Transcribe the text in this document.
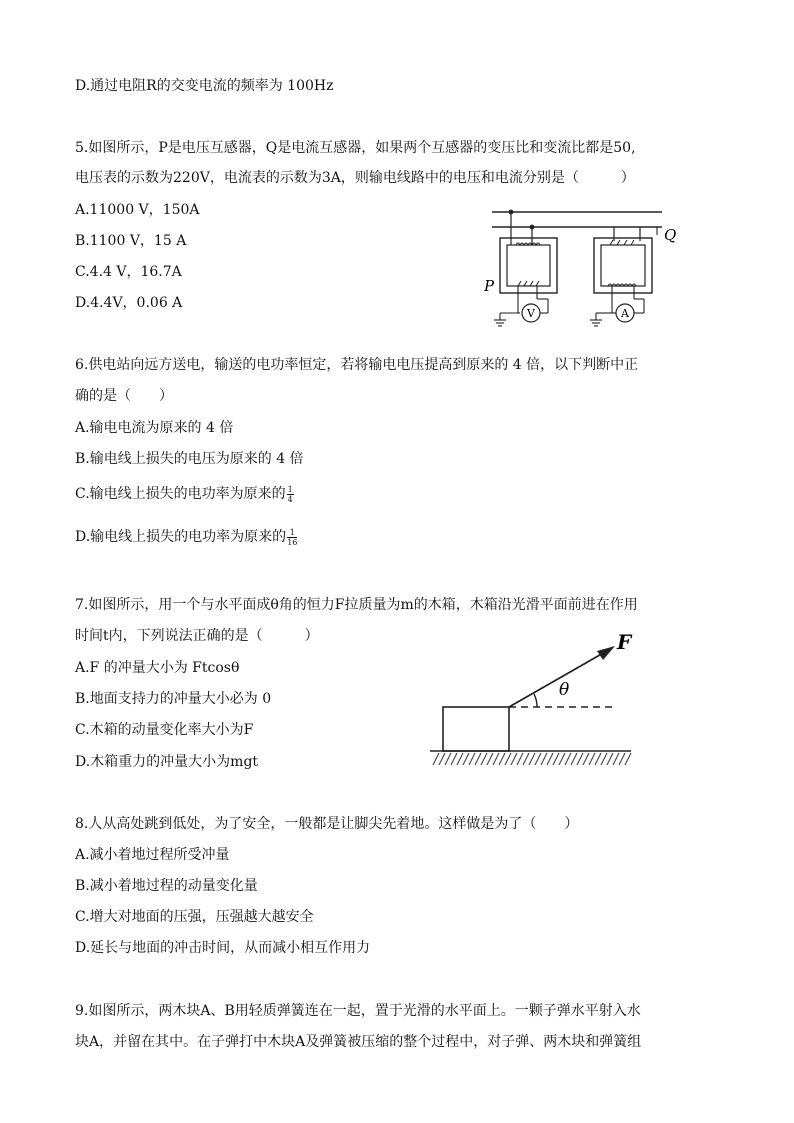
D.通过电阻R的交变电流的频率为 100Hz
5.如图所示，P是电压互感器，Q是电流互感器，如果两个互感器的变压比和变流比都是50,
电压表的示数为220V，电流表的示数为3A，则输电线路中的电压和电流分别是（　　　）
A.11000 V，150A
B.1100 V，15 A
C.4.4 V，16.7A
D.4.4V，0.06 A
V
P
Q
A
6.供电站向远方送电，输送的电功率恒定，若将输电电压提高到原来的 4 倍，以下判断中正
确的是（　　）
A.输电电流为原来的 4 倍
B.输电线上损失的电压为原来的 4 倍
C.输电线上损失的电功率为原来的 $\frac{1}{4}$
D.输电线上损失的电功率为原来的 $\frac{1}{16}$
7.如图所示，用一个与水平面成θ角的恒力F拉质量为m的木箱，木箱沿光滑平面前进在作用
时间t内，下列说法正确的是（　　　）
A.F 的冲量大小为 Ftcosθ
B.地面支持力的冲量大小必为 0
C.木箱的动量变化率大小为F
D.木箱重力的冲量大小为mgt
θ
F
8.人从高处跳到低处，为了安全，一般都是让脚尖先着地。这样做是为了（　　）
A.减小着地过程所受冲量
B.减小着地过程的动量变化量
C.增大对地面的压强，压强越大越安全
D.延长与地面的冲击时间，从而减小相互作用力
9.如图所示，两木块A、B用轻质弹簧连在一起，置于光滑的水平面上。一颗子弹水平射入水
块A，并留在其中。在子弹打中木块A及弹簧被压缩的整个过程中，对子弹、两木块和弹簧组
